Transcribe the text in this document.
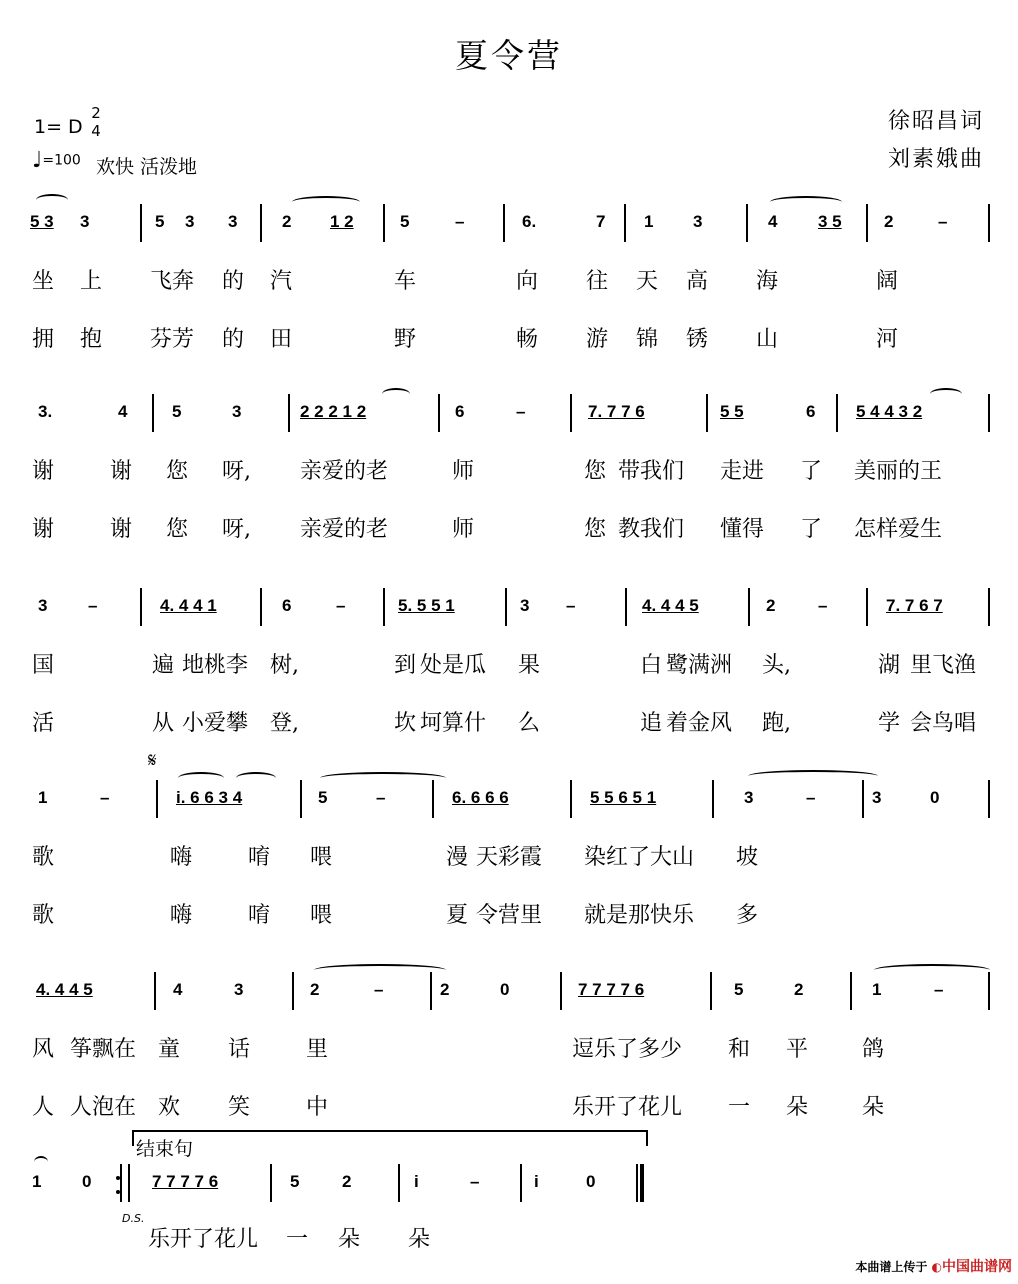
夏令营
1= D
2
4
♩=100 欢快 活泼地
徐昭昌词
刘素娥曲
5 3 3	5 3 3	2 1 2	5	–	6.	7 1 3	4 3 5 2	–
坐 上 飞奔 的 汽	车	向 往 天 高 海	阔
拥 抱 芬芳 的 田	野	畅 游 锦 锈 山	河
3.	4	5	3	2 2 2 1 2	6	–	7. 7 7 6	5 5	6 5 4 4 3 2
谢	谢 您 呀, 亲爱的老	师	您 带我们 走进 了 美丽的王
谢	谢 您 呀, 亲爱的老	师	您 教我们 懂得 了 怎样爱生
3 –	4. 4 4 1	6	–	5. 5 5 1	3 –	4. 4 4 5	2	–	7. 7 6 7
国	遍 地桃李 树,	到 处是瓜 果	白 鹭满洲 头,	湖 里飞渔
活	从 小爱攀 登,	坎 坷算什 么	追 着金风 跑,	学 会鸟唱
1	–	i. 6 6 3 4	5	–	6. 6 6 6	5 5 6 5 1	3	–	3	0
歌	嗨	唷 喂	漫 天彩霞 染红了大山 坡
歌	嗨	唷 喂	夏 令营里 就是那快乐 多
4. 4 4 5	4	3	2	–	2	0	7 7 7 7 6	5	2	1	–
风 筝飘在 童 话	里	逗乐了多少 和 平 鸽
人 人泡在 欢 笑	中	乐开了花儿 一 朵 朵
1 0	7 7 7 7 6	5	2	i	–	i	0
乐开了花儿 一 朵 朵
𝄋
结束句
D.S.
本曲谱上传于 ◐中国曲谱网
